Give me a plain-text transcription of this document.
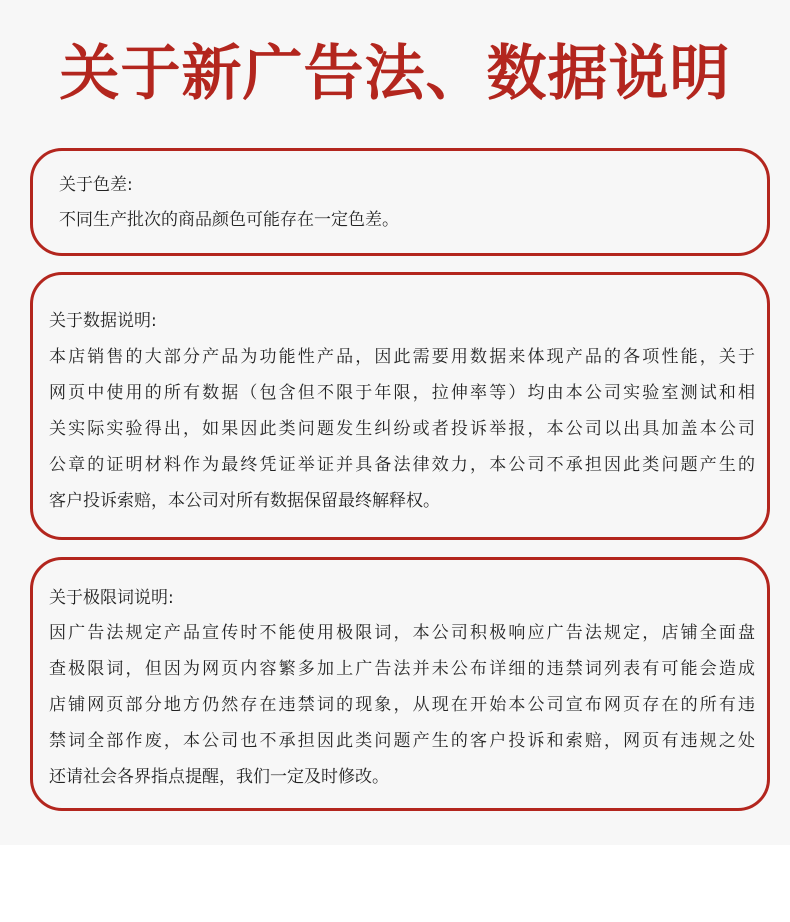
关于新广告法、数据说明
关于色差:
不同生产批次的商品颜色可能存在一定色差。
关于数据说明:
本店销售的大部分产品为功能性产品，因此需要用数据来体现产品的各项性能，关于
网页中使用的所有数据（包含但不限于年限，拉伸率等）均由本公司实验室测试和相
关实际实验得出，如果因此类问题发生纠纷或者投诉举报，本公司以出具加盖本公司
公章的证明材料作为最终凭证举证并具备法律效力，本公司不承担因此类问题产生的
客户投诉索赔，本公司对所有数据保留最终解释权。
关于极限词说明:
因广告法规定产品宣传时不能使用极限词，本公司积极响应广告法规定，店铺全面盘
查极限词，但因为网页内容繁多加上广告法并未公布详细的违禁词列表有可能会造成
店铺网页部分地方仍然存在违禁词的现象，从现在开始本公司宣布网页存在的所有违
禁词全部作废，本公司也不承担因此类问题产生的客户投诉和索赔，网页有违规之处
还请社会各界指点提醒，我们一定及时修改。
